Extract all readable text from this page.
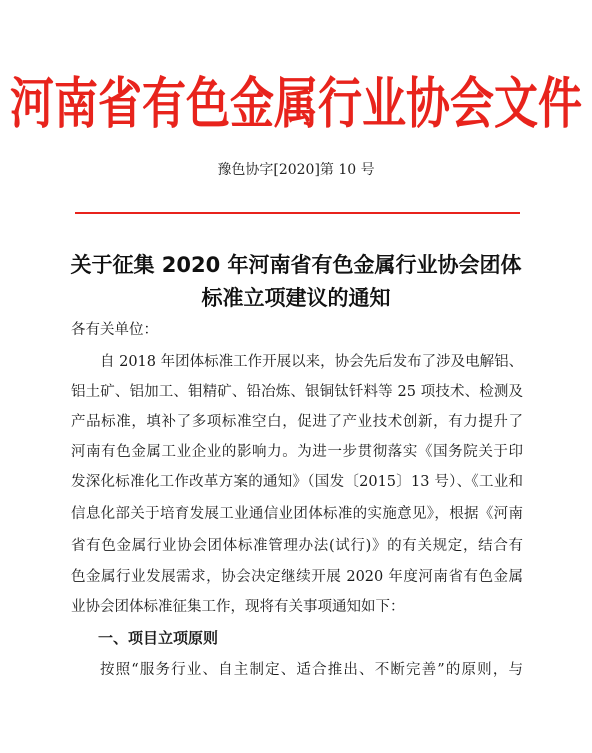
河南省有色金属行业协会文件
豫色协字[2020]第 10 号
关于征集 2020 年河南省有色金属行业协会团体
标准立项建议的通知
各有关单位：
自 2018 年团体标准工作开展以来，协会先后发布了涉及电解铝、
铝土矿、铝加工、钼精矿、铅冶炼、银铜钛钎料等 25 项技术、检测及
产品标准，填补了多项标准空白，促进了产业技术创新，有力提升了
河南有色金属工业企业的影响力。为进一步贯彻落实《国务院关于印
发深化标准化工作改革方案的通知》（国发〔2015〕13 号）、《工业和
信息化部关于培育发展工业通信业团体标准的实施意见》，根据《河南
省有色金属行业协会团体标准管理办法(试行)》的有关规定，结合有
色金属行业发展需求，协会决定继续开展 2020 年度河南省有色金属
业协会团体标准征集工作，现将有关事项通知如下：
一、项目立项原则
按照“服务行业、自主制定、适合推出、不断完善”的原则，与
